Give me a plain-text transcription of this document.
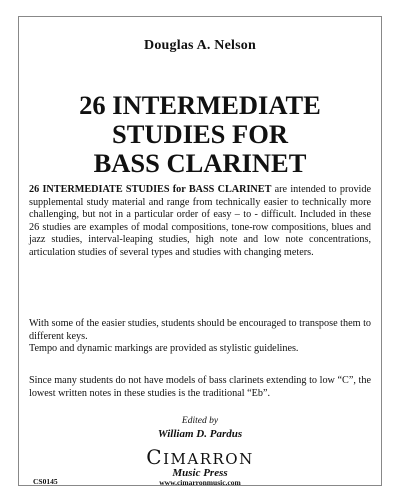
Douglas A. Nelson
26 INTERMEDIATE
STUDIES FOR
BASS CLARINET

26 INTERMEDIATE STUDIES for BASS CLARINET are intended to provide supplemental study material and range from technically easier to technically more challenging, but not in a particular order of easy – to - difficult. Included in these 26 studies are examples of modal compositions, tone-row compositions, blues and jazz studies, interval-leaping studies, high note and low note concentrations, articulation studies of several types and studies with changing meters.

With some of the easier studies, students should be encouraged to transpose them to different keys.

Tempo and dynamic markings are provided as stylistic guidelines.

Since many students do not have models of bass clarinets extending to low “C”, the lowest written notes in these studies is the traditional “Eb”.

Edited by
William D. Pardus
CIMARRON
Music Press
www.cimarronmusic.com
CS0145
